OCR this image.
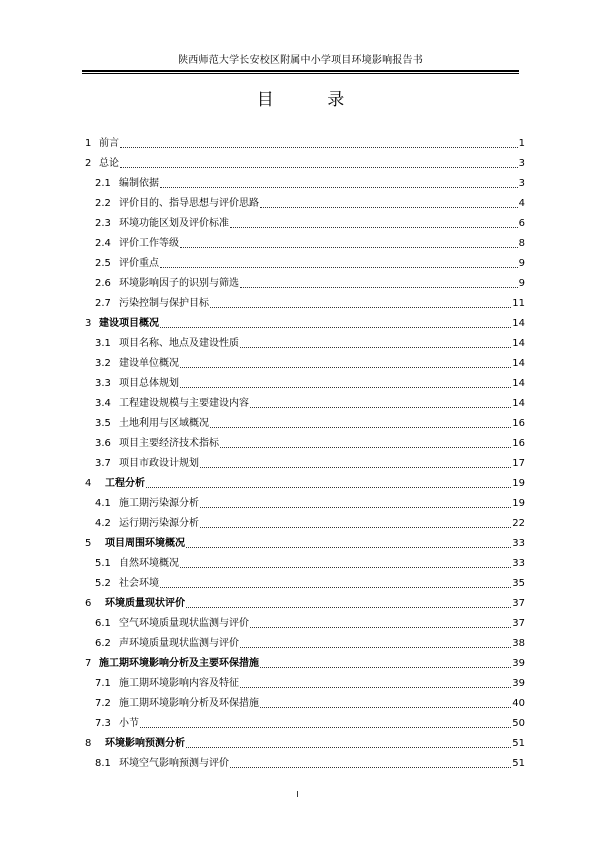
陕西师范大学长安校区附属中小学项目环境影响报告书
目 录
1 前言	1
2 总论	3
2.1 编制依据	3
2.2 评价目的、指导思想与评价思路	4
2.3 环境功能区划及评价标准	6
2.4 评价工作等级	8
2.5 评价重点	9
2.6 环境影响因子的识别与筛选	9
2.7 污染控制与保护目标	11
3 建设项目概况	14
3.1 项目名称、地点及建设性质	14
3.2 建设单位概况	14
3.3 项目总体规划	14
3.4 工程建设规模与主要建设内容	14
3.5 土地利用与区域概况	16
3.6 项目主要经济技术指标	16
3.7 项目市政设计规划	17
4	工程分析	19
4.1 施工期污染源分析	19
4.2 运行期污染源分析	22
5	项目周围环境概况	33
5.1 自然环境概况	33
5.2 社会环境	35
6	环境质量现状评价	37
6.1 空气环境质量现状监测与评价	37
6.2 声环境质量现状监测与评价	38
7 施工期环境影响分析及主要环保措施	39
7.1 施工期环境影响内容及特征	39
7.2 施工期环境影响分析及环保措施	40
7.3 小节	50
8	环境影响预测分析	51
8.1 环境空气影响预测与评价	51
I
